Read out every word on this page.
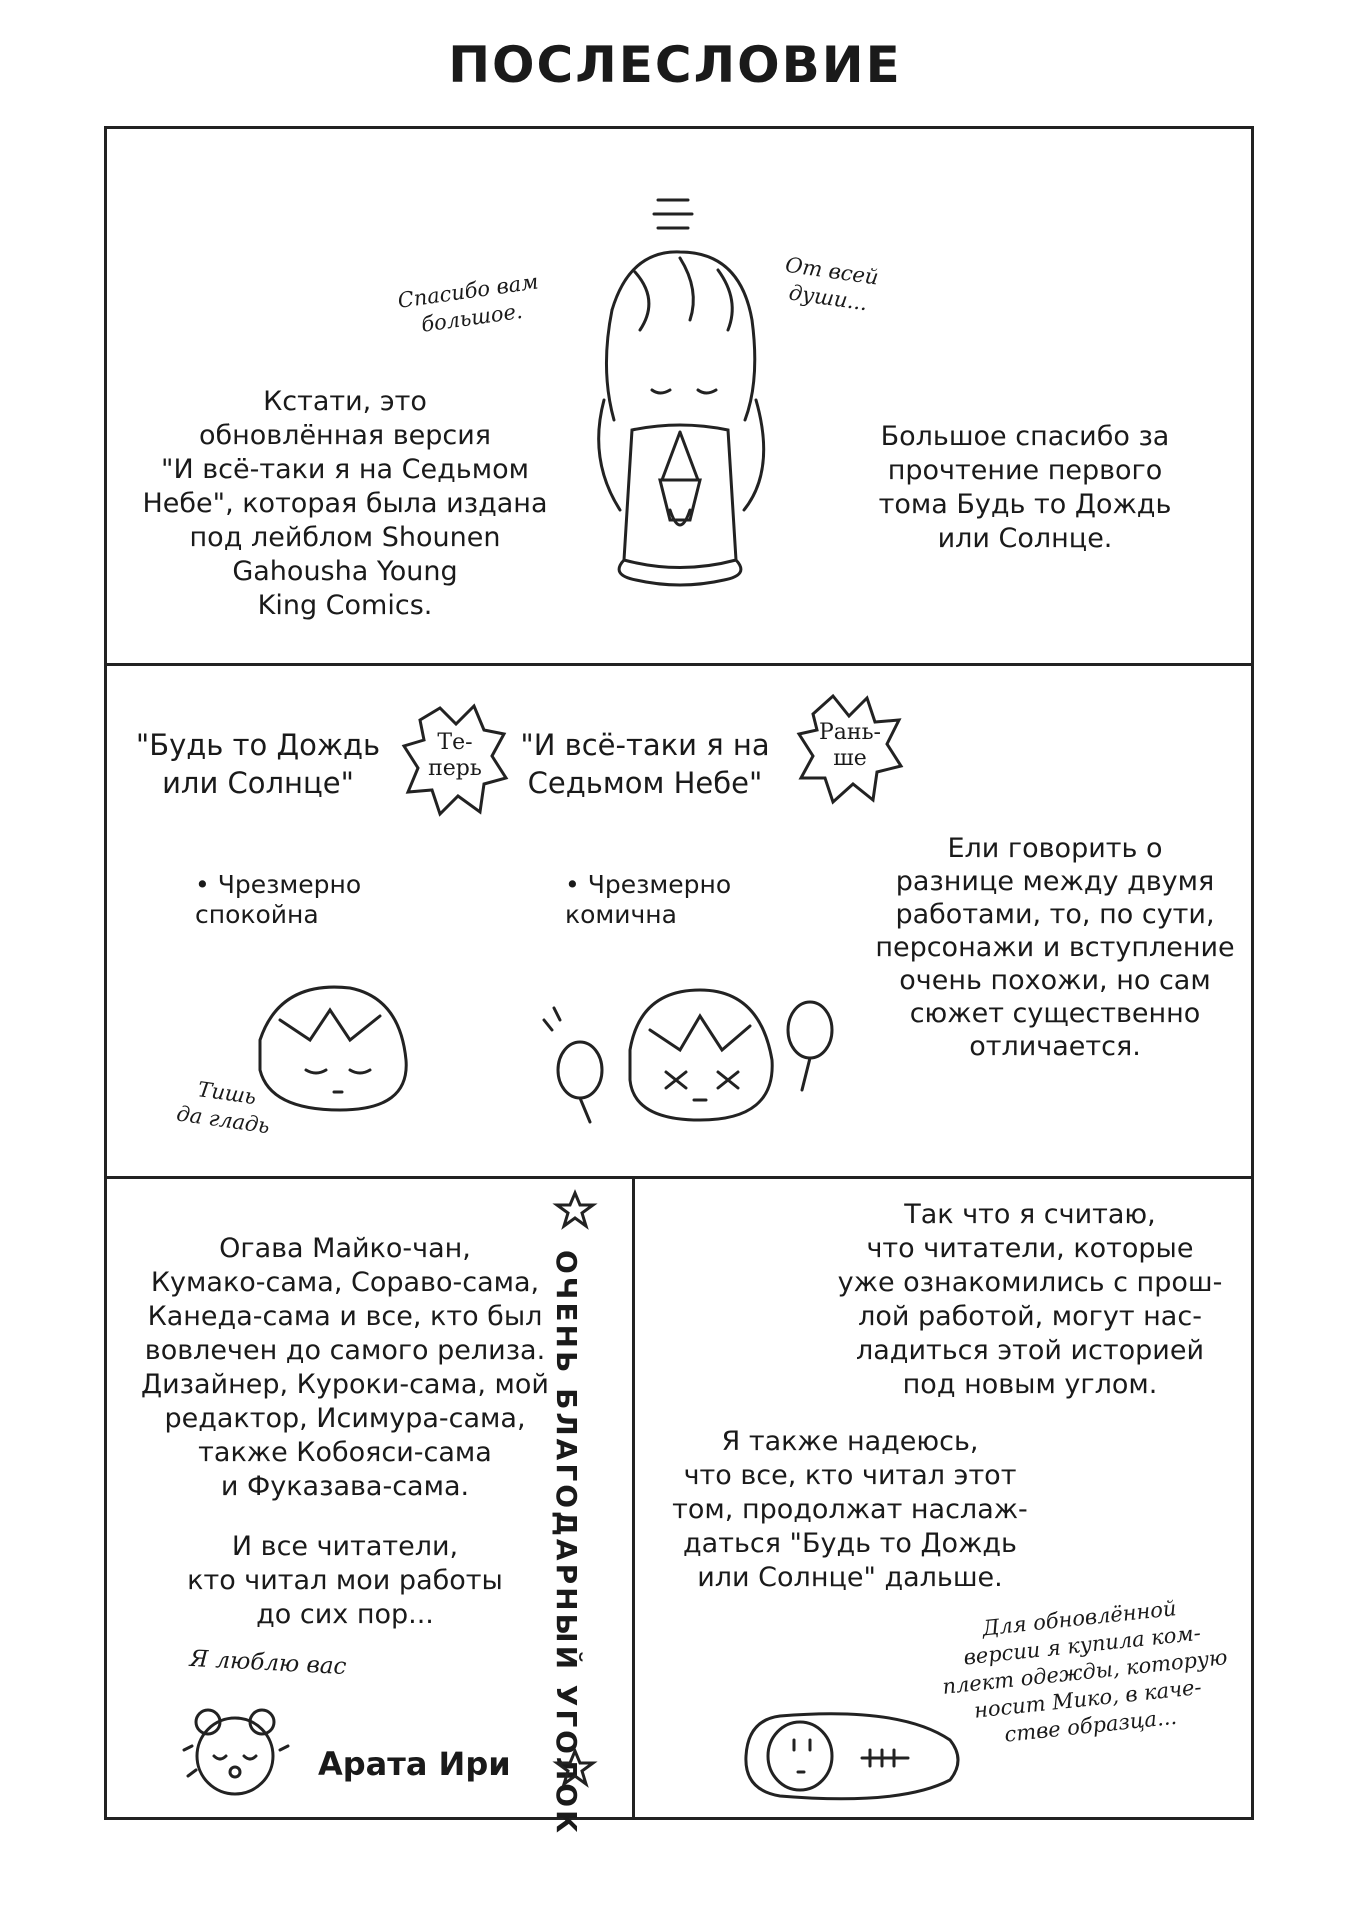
ПОСЛЕСЛОВИЕ
Спасибо вам
большое.
От всей
души...
Кстати, это
обновлённая версия
"И всё-таки я на Седьмом
Небе", которая была издана
под лейблом Shounen
Gahousha Young
King Comics.
Большое спасибо за
прочтение первого
тома Будь то Дождь
или Солнце.
"Будь то Дождь
или Солнце"
Те-
перь
"И всё-таки я на
Седьмом Небе"
Рань-
ше
• Чрезмерно
спокойна
• Чрезмерно
комична
Тишь
да гладь
Ели говорить о
разнице между двумя
работами, то, по сути,
персонажи и вступление
очень похожи, но сам
сюжет существенно
отличается.
Огава Майко-чан,
Кумако-сама, Сораво-сама,
Канеда-сама и все, кто был
вовлечен до самого релиза.
Дизайнер, Куроки-сама, мой
редактор, Исимура-сама,
также Кобояси-сама
и Фуказава-сама.
И все читатели,
кто читал мои работы
до сих пор...
Я люблю вас	ОЧЕНЬ БЛАГОДАРНЫЙ УГОЛОК
Арата Ири
Так что я считаю,
что читатели, которые
уже ознакомились с прош-
лой работой, могут нас-
ладиться этой историей
под новым углом.
Я также надеюсь,
что все, кто читал этот
том, продолжат наслаж-
даться "Будь то Дождь
или Солнце" дальше.
Для обновлённой
версии я купила ком-
плект одежды, которую
носит Мико, в каче-
стве образца...
